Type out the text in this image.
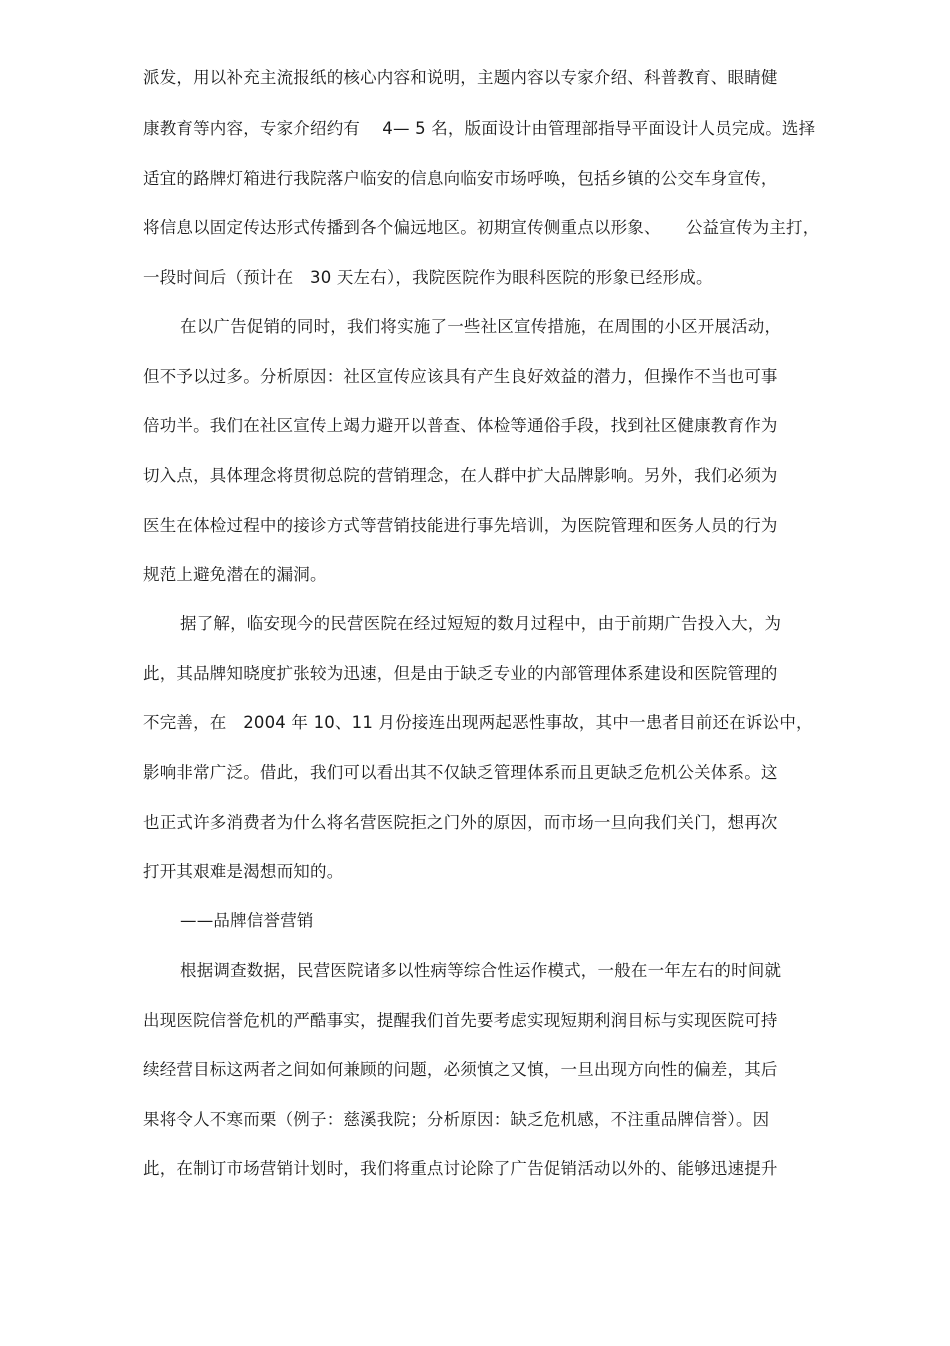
派发，用以补充主流报纸的核心内容和说明，主题内容以专家介绍、科普教育、眼睛健
康教育等内容，专家介绍约有　 4— 5 名，版面设计由管理部指导平面设计人员完成。选择
适宜的路牌灯箱进行我院落户临安的信息向临安市场呼唤，包括乡镇的公交车身宣传，
将信息以固定传达形式传播到各个偏远地区。初期宣传侧重点以形象、　　公益宣传为主打，
一段时间后（预计在　30 天左右），我院医院作为眼科医院的形象已经形成。
在以广告促销的同时，我们将实施了一些社区宣传措施，在周围的小区开展活动，
但不予以过多。分析原因：社区宣传应该具有产生良好效益的潜力，但操作不当也可事
倍功半。我们在社区宣传上竭力避开以普查、体检等通俗手段，找到社区健康教育作为
切入点，具体理念将贯彻总院的营销理念，在人群中扩大品牌影响。另外，我们必须为
医生在体检过程中的接诊方式等营销技能进行事先培训，为医院管理和医务人员的行为
规范上避免潜在的漏洞。
据了解，临安现今的民营医院在经过短短的数月过程中，由于前期广告投入大，为
此，其品牌知晓度扩张较为迅速，但是由于缺乏专业的内部管理体系建设和医院管理的
不完善，在　2004 年 10、11 月份接连出现两起恶性事故，其中一患者目前还在诉讼中，
影响非常广泛。借此，我们可以看出其不仅缺乏管理体系而且更缺乏危机公关体系。这
也正式许多消费者为什么将名营医院拒之门外的原因，而市场一旦向我们关门，想再次
打开其艰难是渴想而知的。
——品牌信誉营销
根据调查数据，民营医院诸多以性病等综合性运作模式，一般在一年左右的时间就
出现医院信誉危机的严酷事实，提醒我们首先要考虑实现短期利润目标与实现医院可持
续经营目标这两者之间如何兼顾的问题，必须慎之又慎，一旦出现方向性的偏差，其后
果将令人不寒而栗（例子：慈溪我院；分析原因：缺乏危机感，不注重品牌信誉）。因
此，在制订市场营销计划时，我们将重点讨论除了广告促销活动以外的、能够迅速提升
